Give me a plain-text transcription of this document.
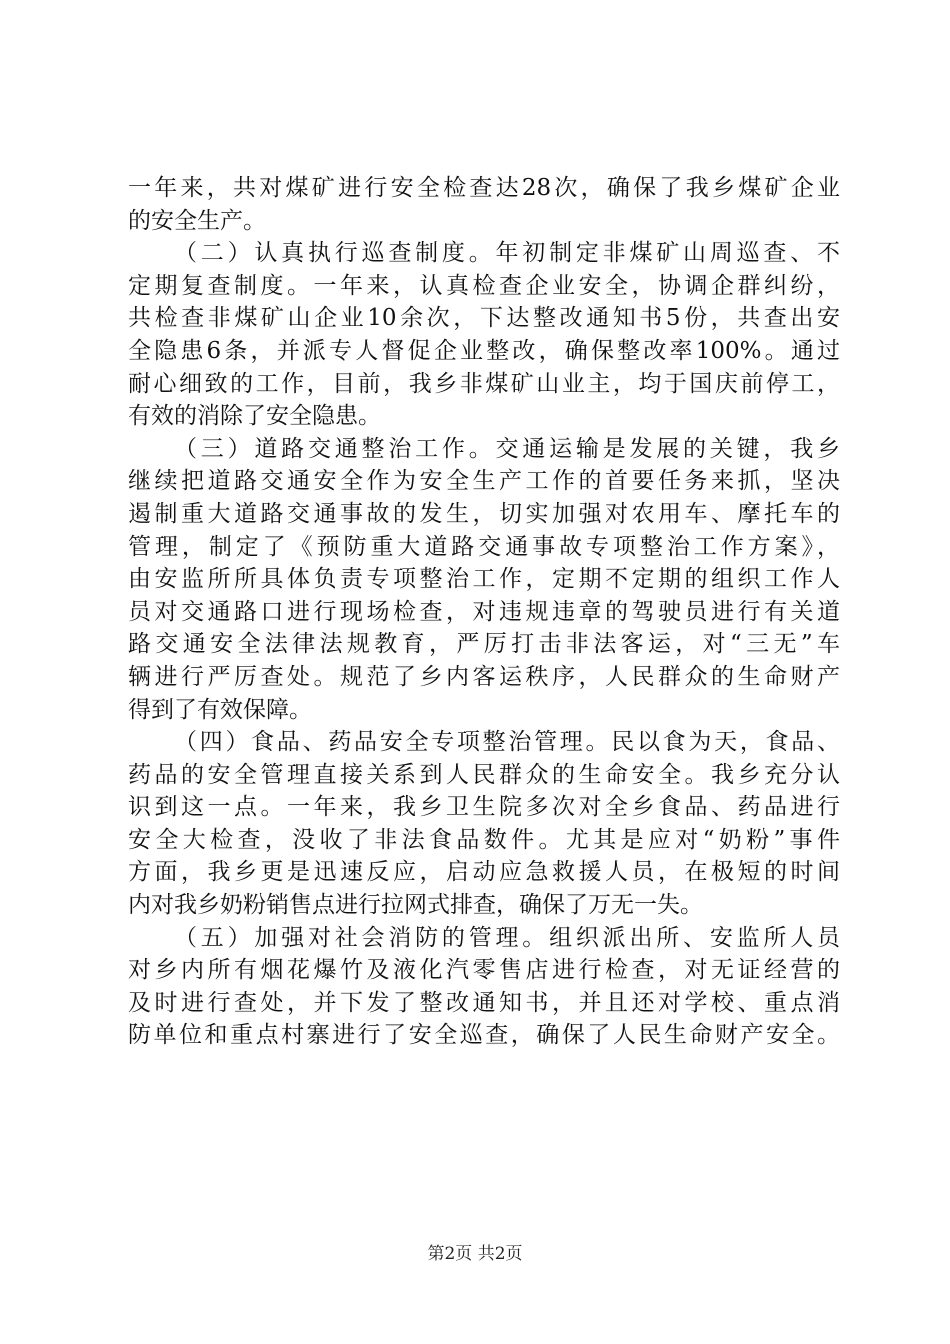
一年来，共对煤矿进行安全检查达28次，确保了我乡煤矿企业
的安全生产。
（二）认真执行巡查制度。年初制定非煤矿山周巡查、不
定期复查制度。一年来，认真检查企业安全，协调企群纠纷，
共检查非煤矿山企业10余次，下达整改通知书5份，共查出安
全隐患6条，并派专人督促企业整改，确保整改率100%。通过
耐心细致的工作，目前，我乡非煤矿山业主，均于国庆前停工，
有效的消除了安全隐患。
（三）道路交通整治工作。交通运输是发展的关键，我乡
继续把道路交通安全作为安全生产工作的首要任务来抓，坚决
遏制重大道路交通事故的发生，切实加强对农用车、摩托车的
管理，制定了《预防重大道路交通事故专项整治工作方案》，
由安监所所具体负责专项整治工作，定期不定期的组织工作人
员对交通路口进行现场检查，对违规违章的驾驶员进行有关道
路交通安全法律法规教育，严厉打击非法客运，对“三无”车
辆进行严厉查处。规范了乡内客运秩序，人民群众的生命财产
得到了有效保障。
（四）食品、药品安全专项整治管理。民以食为天，食品、
药品的安全管理直接关系到人民群众的生命安全。我乡充分认
识到这一点。一年来，我乡卫生院多次对全乡食品、药品进行
安全大检查，没收了非法食品数件。尤其是应对“奶粉”事件
方面，我乡更是迅速反应，启动应急救援人员，在极短的时间
内对我乡奶粉销售点进行拉网式排查，确保了万无一失。
（五）加强对社会消防的管理。组织派出所、安监所人员
对乡内所有烟花爆竹及液化汽零售店进行检查，对无证经营的
及时进行查处，并下发了整改通知书，并且还对学校、重点消
防单位和重点村寨进行了安全巡查，确保了人民生命财产安全。
第2页 共2页
